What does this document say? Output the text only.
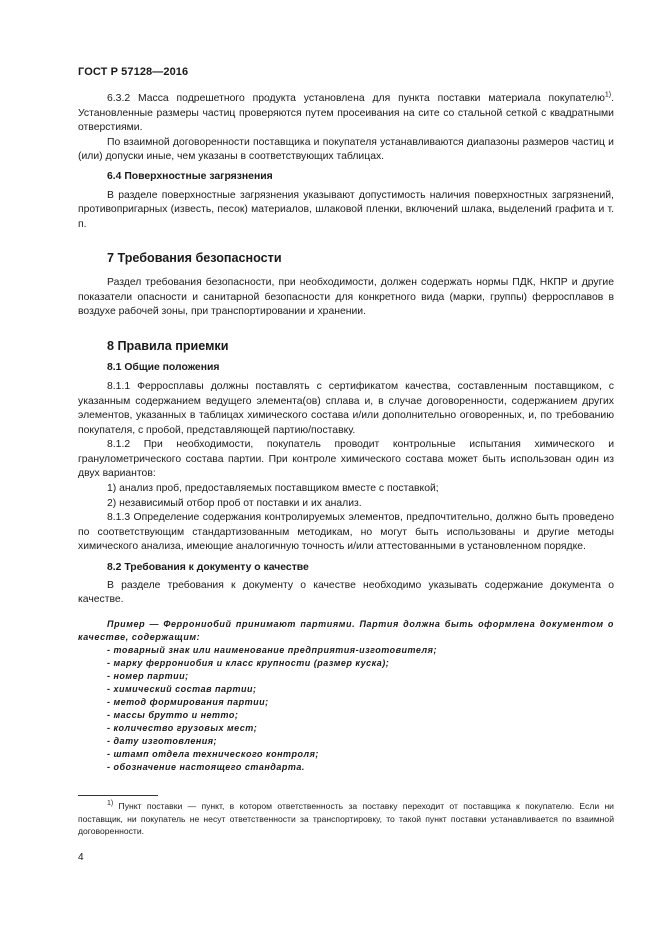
ГОСТ Р 57128—2016

6.3.2 Масса подрешетного продукта установлена для пункта поставки материала покупателю$^{1)}$. Установленные размеры частиц проверяются путем просеивания на сите со стальной сеткой с квадратными отверстиями.

По взаимной договоренности поставщика и покупателя устанавливаются диапазоны размеров частиц и (или) допуски иные, чем указаны в соответствующих таблицах.

6.4 Поверхностные загрязнения

В разделе поверхностные загрязнения указывают допустимость наличия поверхностных загрязнений, противопригарных (известь, песок) материалов, шлаковой пленки, включений шлака, выделений графита и т. п.

7 Требования безопасности

Раздел требования безопасности, при необходимости, должен содержать нормы ПДК, НКПР и другие показатели опасности и санитарной безопасности для конкретного вида (марки, группы) ферросплавов в воздухе рабочей зоны, при транспортировании и хранении.

8 Правила приемки

8.1 Общие положения

8.1.1 Ферросплавы должны поставлять с сертификатом качества, составленным поставщиком, с указанным содержанием ведущего элемента(ов) сплава и, в случае договоренности, содержанием других элементов, указанных в таблицах химического состава и/или дополнительно оговоренных, и, по требованию покупателя, с пробой, представляющей партию/поставку.

8.1.2 При необходимости, покупатель проводит контрольные испытания химического и гранулометрического состава партии. При контроле химического состава может быть использован один из двух вариантов:

1) анализ проб, предоставляемых поставщиком вместе с поставкой;

2) независимый отбор проб от поставки и их анализ.

8.1.3 Определение содержания контролируемых элементов, предпочтительно, должно быть проведено по соответствующим стандартизованным методикам, но могут быть использованы и другие методы химического анализа, имеющие аналогичную точность и/или аттестованными в установленном порядке.

8.2 Требования к документу о качестве

В разделе требования к документу о качестве необходимо указывать содержание документа о качестве.

Пример — Феррониобий принимают партиями. Партия должна быть оформлена документом о качестве, содержащим:

- товарный знак или наименование предприятия-изготовителя;

- марку феррониобия и класс крупности (размер куска);

- номер партии;

- химический состав партии;

- метод формирования партии;

- массы брутто и нетто;

- количество грузовых мест;

- дату изготовления;

- штамп отдела технического контроля;

- обозначение настоящего стандарта.

$^{1)}$ Пункт поставки — пункт, в котором ответственность за поставку переходит от поставщика к покупателю. Если ни поставщик, ни покупатель не несут ответственности за транспортировку, то такой пункт поставки устанавливается по взаимной договоренности.

4
